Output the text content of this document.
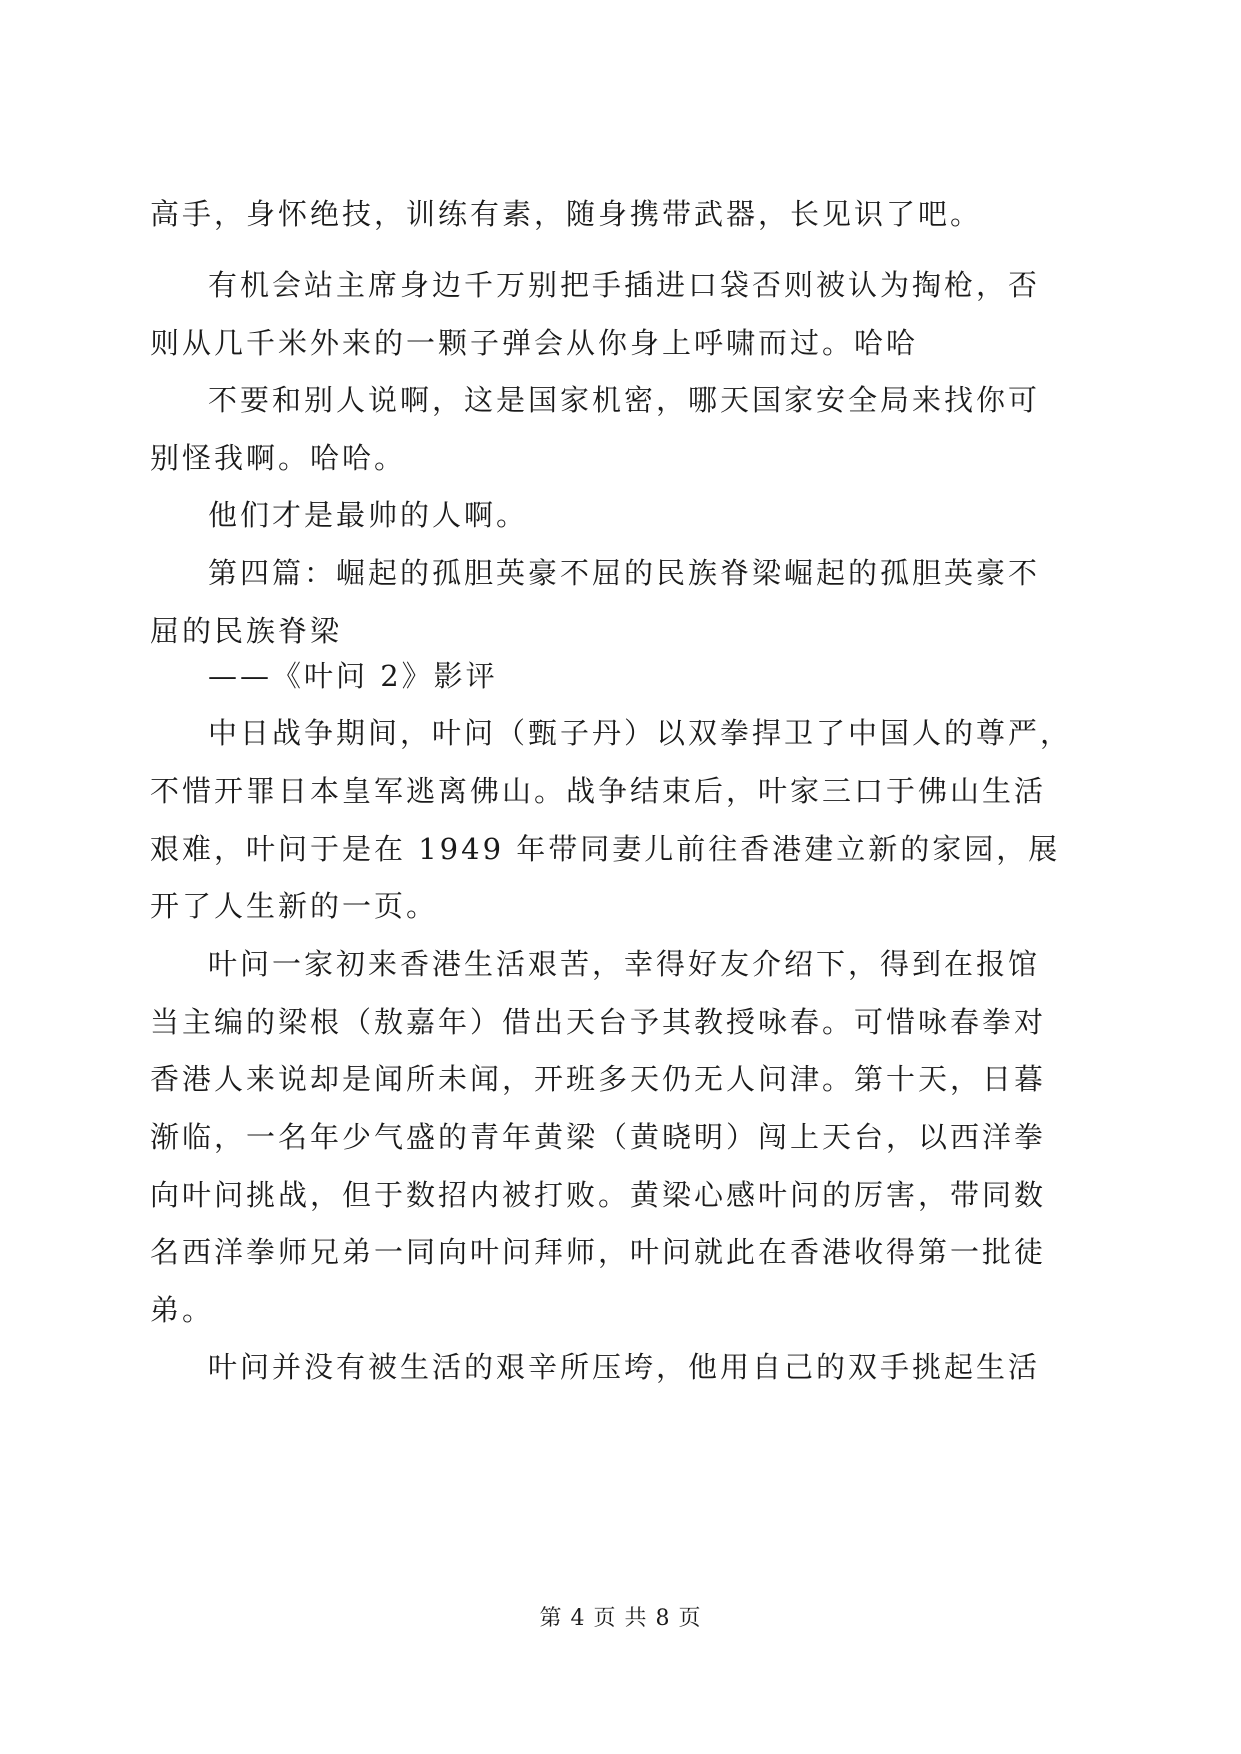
高手，身怀绝技，训练有素，随身携带武器，长见识了吧。
有机会站主席身边千万别把手插进口袋否则被认为掏枪，否
则从几千米外来的一颗子弹会从你身上呼啸而过。哈哈
不要和别人说啊，这是国家机密，哪天国家安全局来找你可
别怪我啊。哈哈。
他们才是最帅的人啊。
第四篇：崛起的孤胆英豪不屈的民族脊梁崛起的孤胆英豪不
屈的民族脊梁
——《叶问 2》影评
中日战争期间，叶问（甄子丹）以双拳捍卫了中国人的尊严，
不惜开罪日本皇军逃离佛山。战争结束后，叶家三口于佛山生活
艰难，叶问于是在 1949 年带同妻儿前往香港建立新的家园，展
开了人生新的一页。
叶问一家初来香港生活艰苦，幸得好友介绍下，得到在报馆
当主编的梁根（敖嘉年）借出天台予其教授咏春。可惜咏春拳对
香港人来说却是闻所未闻，开班多天仍无人问津。第十天，日暮
渐临，一名年少气盛的青年黄梁（黄晓明）闯上天台，以西洋拳
向叶问挑战，但于数招内被打败。黄梁心感叶问的厉害，带同数
名西洋拳师兄弟一同向叶问拜师，叶问就此在香港收得第一批徒
弟。
叶问并没有被生活的艰辛所压垮，他用自己的双手挑起生活
第 4 页 共 8 页
